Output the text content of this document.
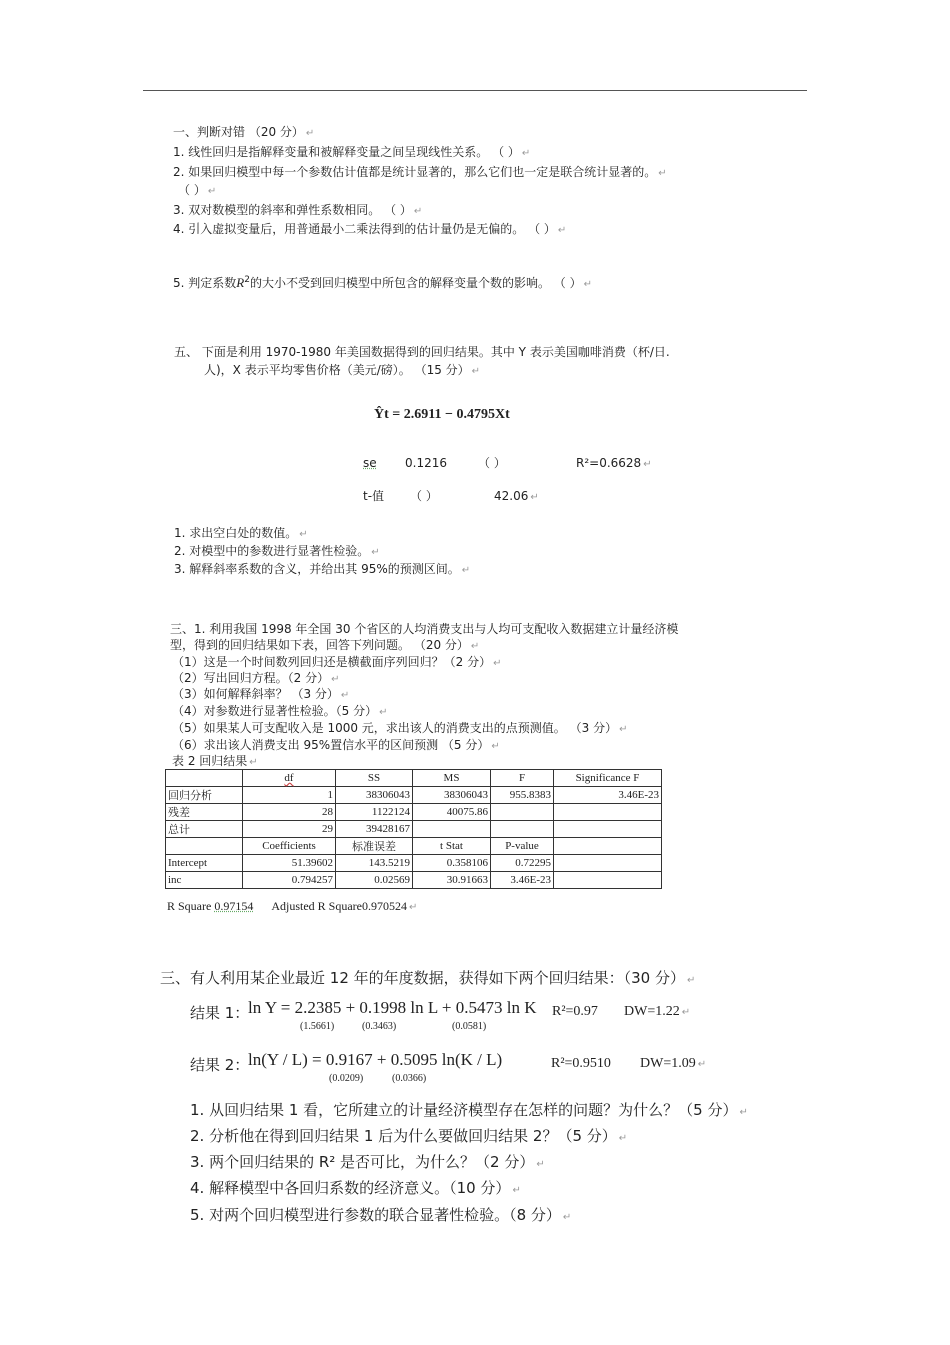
一、判断对错 （20 分） ↵
1. 线性回归是指解释变量和被解释变量之间呈现线性关系。 （ ） ↵
2. 如果回归模型中每一个参数估计值都是统计显著的，那么它们也一定是联合统计显著的。 ↵
（ ） ↵
3. 双对数模型的斜率和弹性系数相同。 （ ） ↵
4. 引入虚拟变量后，用普通最小二乘法得到的估计量仍是无偏的。 （ ） ↵
5. 判定系数$R^2$的大小不受到回归模型中所包含的解释变量个数的影响。 （ ） ↵
五、 下面是利用 1970-1980 年美国数据得到的回归结果。其中 Y 表示美国咖啡消费（杯/日.
人)，X 表示平均零售价格（美元/磅）。 （15 分） ↵
Ŷt = 2.6911 − 0.4795Xt
se 0.1216	（ ）	R²=0.6628 ↵
t-值 （ ）	42.06 ↵
1. 求出空白处的数值。 ↵
2. 对模型中的参数进行显著性检验。 ↵
3. 解释斜率系数的含义，并给出其 95%的预测区间。 ↵
三、1. 利用我国 1998 年全国 30 个省区的人均消费支出与人均可支配收入数据建立计量经济模
型，得到的回归结果如下表，回答下列问题。 （20 分） ↵
（1）这是一个时间数列回归还是横截面序列回归？（2 分） ↵
（2）写出回归方程。（2 分） ↵
（3）如何解释斜率？ （3 分） ↵
（4）对参数进行显著性检验。（5 分） ↵
（5）如果某人可支配收入是 1000 元，求出该人的消费支出的点预测值。 （3 分） ↵
（6）求出该人消费支出 95%置信水平的区间预测 （5 分） ↵
表 2 回归结果 ↵
	df	SS	MS	F	Significance F
回归分析	1	38306043	38306043	955.8383	3.46E-23
残差	28	1122124	40075.86		
总计	29	39428167			
	Coefficients	标准误差	t Stat	P-value	
Intercept	51.39602	143.5219	0.358106	0.72295	
inc	0.794257	0.02569	30.91663	3.46E-23	
R Square 0.97154 Adjusted R Square0.970524 ↵
三、有人利用某企业最近 12 年的年度数据，获得如下两个回归结果：（30 分） ↵
结果 1：
ln Y = 2.2385 + 0.1998 ln L + 0.5473 ln K
(1.5661)	(0.3463)	(0.0581)
R²=0.97 DW=1.22 ↵
结果 2：
ln(Y / L) = 0.9167 + 0.5095 ln(K / L)
(0.0209)	(0.0366)
R²=0.9510 DW=1.09 ↵
1. 从回归结果 1 看，它所建立的计量经济模型存在怎样的问题？为什么？（5 分） ↵
2. 分析他在得到回归结果 1 后为什么要做回归结果 2？（5 分） ↵
3. 两个回归结果的 R² 是否可比，为什么？（2 分） ↵
4. 解释模型中各回归系数的经济意义。（10 分） ↵
5. 对两个回归模型进行参数的联合显著性检验。（8 分） ↵
